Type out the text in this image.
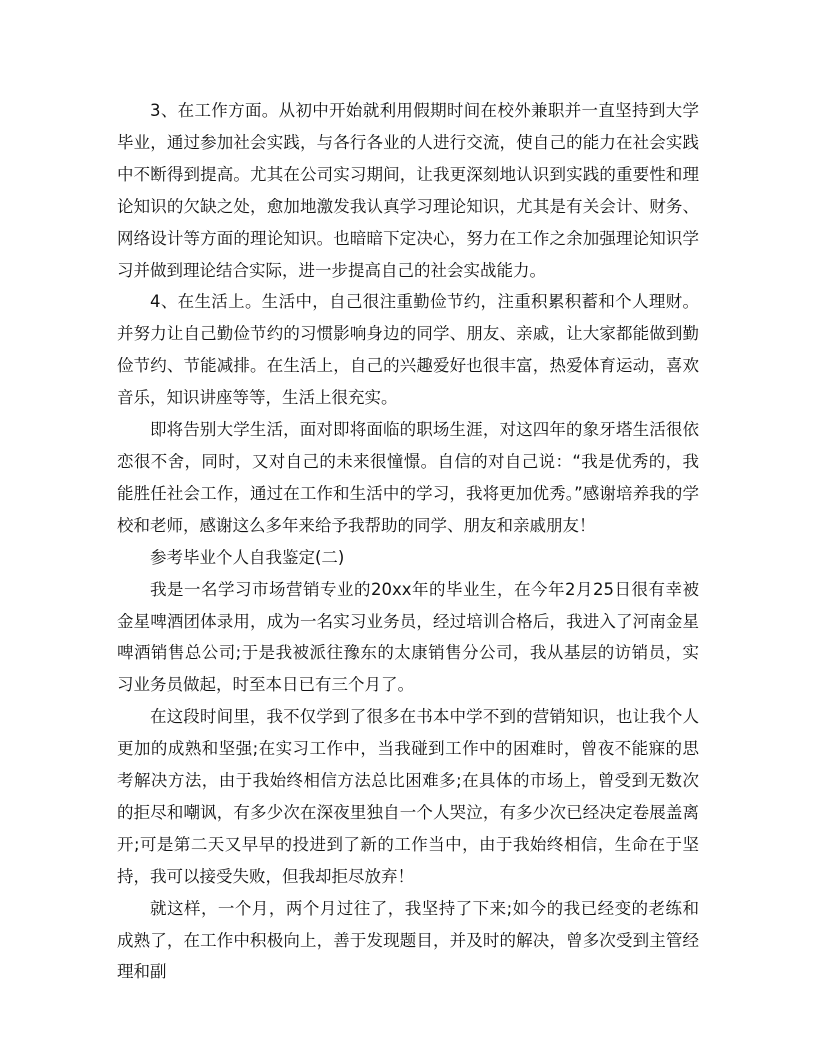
3、在工作方面。从初中开始就利用假期时间在校外兼职并一直坚持到大学毕业，通过参加社会实践，与各行各业的人进行交流，使自己的能力在社会实践中不断得到提高。尤其在公司实习期间，让我更深刻地认识到实践的重要性和理论知识的欠缺之处，愈加地激发我认真学习理论知识，尤其是有关会计、财务、网络设计等方面的理论知识。也暗暗下定决心，努力在工作之余加强理论知识学习并做到理论结合实际，进一步提高自己的社会实战能力。

4、在生活上。生活中，自己很注重勤俭节约，注重积累积蓄和个人理财。并努力让自己勤俭节约的习惯影响身边的同学、朋友、亲戚，让大家都能做到勤俭节约、节能减排。在生活上，自己的兴趣爱好也很丰富，热爱体育运动，喜欢音乐，知识讲座等等，生活上很充实。

即将告别大学生活，面对即将面临的职场生涯，对这四年的象牙塔生活很依恋很不舍，同时，又对自己的未来很憧憬。自信的对自己说：“我是优秀的，我能胜任社会工作，通过在工作和生活中的学习，我将更加优秀。”感谢培养我的学校和老师，感谢这么多年来给予我帮助的同学、朋友和亲戚朋友！

参考毕业个人自我鉴定(二)

我是一名学习市场营销专业的20xx年的毕业生，在今年2月25日很有幸被金星啤酒团体录用，成为一名实习业务员，经过培训合格后，我进入了河南金星啤酒销售总公司;于是我被派往豫东的太康销售分公司，我从基层的访销员，实习业务员做起，时至本日已有三个月了。

在这段时间里，我不仅学到了很多在书本中学不到的营销知识，也让我个人更加的成熟和坚强;在实习工作中，当我碰到工作中的困难时，曾夜不能寐的思考解决方法，由于我始终相信方法总比困难多;在具体的市场上，曾受到无数次的拒尽和嘲讽，有多少次在深夜里独自一个人哭泣，有多少次已经决定卷展盖离开;可是第二天又早早的投进到了新的工作当中，由于我始终相信，生命在于坚持，我可以接受失败，但我却拒尽放弃！

就这样，一个月，两个月过往了，我坚持了下来;如今的我已经变的老练和成熟了，在工作中积极向上，善于发现题目，并及时的解决，曾多次受到主管经理和副
